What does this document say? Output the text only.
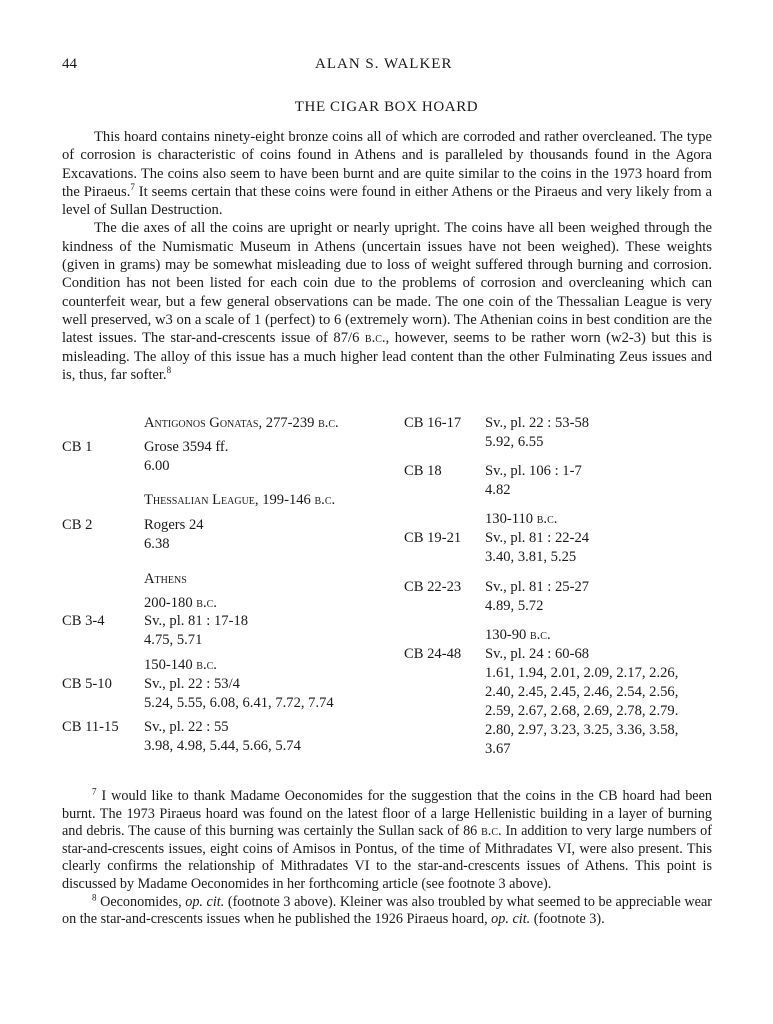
44	ALAN S. WALKER
THE CIGAR BOX HOARD

This hoard contains ninety-eight bronze coins all of which are corroded and rather overcleaned. The type of corrosion is characteristic of coins found in Athens and is paralleled by thousands found in the Agora Excavations. The coins also seem to have been burnt and are quite similar to the coins in the 1973 hoard from the Piraeus.$^7$ It seems certain that these coins were found in either Athens or the Piraeus and very likely from a level of Sullan Destruction.

The die axes of all the coins are upright or nearly upright. The coins have all been weighed through the kindness of the Numismatic Museum in Athens (uncertain issues have not been weighed). These weights (given in grams) may be somewhat misleading due to loss of weight suffered through burning and corrosion. Condition has not been listed for each coin due to the problems of corrosion and overcleaning which can counterfeit wear, but a few general observations can be made. The one coin of the Thessalian League is very well preserved, w3 on a scale of 1 (perfect) to 6 (extremely worn). The Athenian coins in best condition are the latest issues. The star-and-crescents issue of 87/6 b.c., however, seems to be rather worn (w2-3) but this is misleading. The alloy of this issue has a much higher lead content than the other Fulminating Zeus issues and is, thus, far softer.$^8$

Antigonos Gonatas, 277-239 b.c.
CB 1	Grose 3594 ff.
6.00
Thessalian League, 199-146 b.c.
CB 2	Rogers 24
6.38
Athens
200-180 b.c.
CB 3-4	Sv., pl. 81 : 17-18
4.75, 5.71
150-140 b.c.
CB 5-10 Sv., pl. 22 : 53/4
5.24, 5.55, 6.08, 6.41, 7.72, 7.74
CB 11-15 Sv., pl. 22 : 55
3.98, 4.98, 5.44, 5.66, 5.74
CB 16-17 Sv., pl. 22 : 53-58
5.92, 6.55
CB 18	Sv., pl. 106 : 1-7
4.82
130-110 b.c.
CB 19-21 Sv., pl. 81 : 22-24
3.40, 3.81, 5.25
CB 22-23 Sv., pl. 81 : 25-27
4.89, 5.72
130-90 b.c.
CB 24-48 Sv., pl. 24 : 60-68
1.61, 1.94, 2.01, 2.09, 2.17, 2.26,
2.40, 2.45, 2.45, 2.46, 2.54, 2.56,
2.59, 2.67, 2.68, 2.69, 2.78, 2.79.
2.80, 2.97, 3.23, 3.25, 3.36, 3.58,
3.67

$^7$ I would like to thank Madame Oeconomides for the suggestion that the coins in the CB hoard had been burnt. The 1973 Piraeus hoard was found on the latest floor of a large Hellenistic building in a layer of burning and debris. The cause of this burning was certainly the Sullan sack of 86 b.c. In addition to very large numbers of star-and-crescents issues, eight coins of Amisos in Pontus, of the time of Mithradates VI, were also present. This clearly confirms the relationship of Mithradates VI to the star-and-crescents issues of Athens. This point is discussed by Madame Oeconomides in her forthcoming article (see footnote 3 above).

$^8$ Oeconomides, op. cit. (footnote 3 above). Kleiner was also troubled by what seemed to be appreciable wear on the star-and-crescents issues when he published the 1926 Piraeus hoard, op. cit. (footnote 3).
